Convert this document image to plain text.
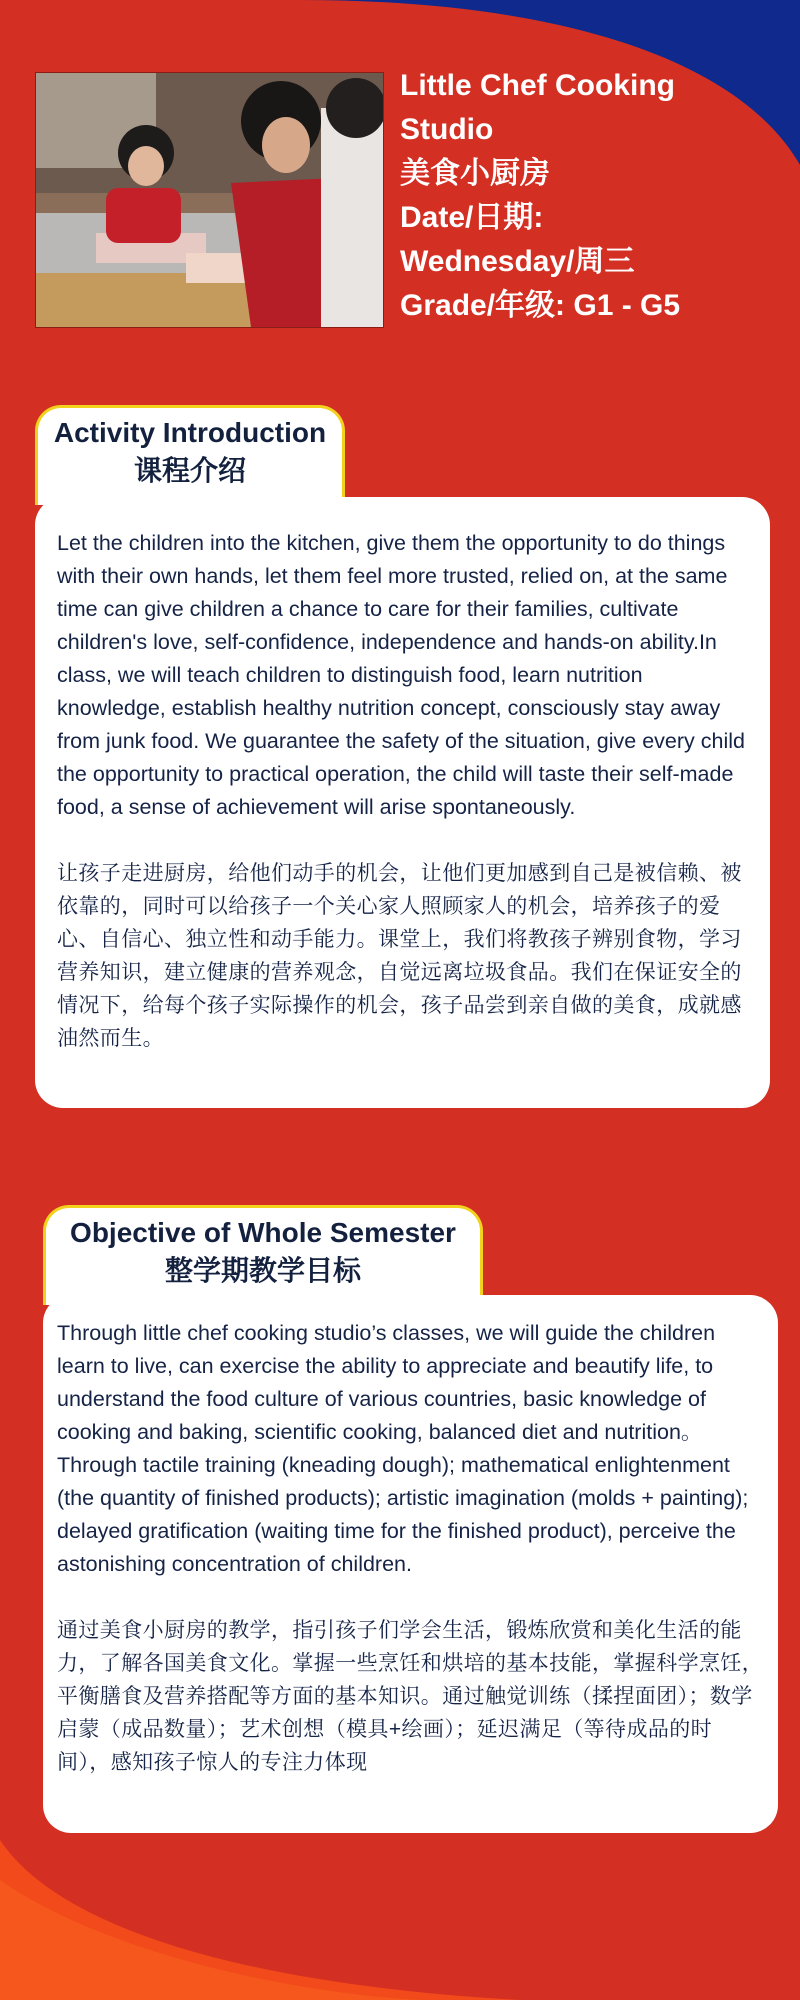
Little Chef Cooking
Studio
美食小厨房
Date/日期:
Wednesday/周三
Grade/年级: G1 - G5
Activity Introduction
课程介绍

Let the children into the kitchen, give them the opportunity to do things with their own hands, let them feel more trusted, relied on, at the same time can give children a chance to care for their families, cultivate children's love, self-confidence, independence and hands-on ability.In class, we will teach children to distinguish food, learn nutrition knowledge, establish healthy nutrition concept, consciously stay away from junk food. We guarantee the safety of the situation, give every child the opportunity to practical operation, the child will taste their self-made food, a sense of achievement will arise spontaneously.

让孩子走进厨房，给他们动手的机会，让他们更加感到自己是被信赖、被依靠的，同时可以给孩子一个关心家人照顾家人的机会，培养孩子的爱心、自信心、独立性和动手能力。课堂上，我们将教孩子辨别食物，学习营养知识，建立健康的营养观念，自觉远离垃圾食品。我们在保证安全的情况下，给每个孩子实际操作的机会，孩子品尝到亲自做的美食，成就感油然而生。

Objective of Whole Semester
整学期教学目标

Through little chef cooking studio’s classes, we will guide the children learn to live, can exercise the ability to appreciate and beautify life, to understand the food culture of various countries, basic knowledge of cooking and baking, scientific cooking, balanced diet and nutrition。Through tactile training (kneading dough); mathematical enlightenment (the quantity of finished products); artistic imagination (molds + painting); delayed gratification (waiting time for the finished product), perceive the astonishing concentration of children.

通过美食小厨房的教学，指引孩子们学会生活，锻炼欣赏和美化生活的能力，了解各国美食文化。掌握一些烹饪和烘培的基本技能，掌握科学烹饪，平衡膳食及营养搭配等方面的基本知识。通过触觉训练（揉捏面团）；数学启蒙（成品数量）；艺术创想（模具+绘画）；延迟满足（等待成品的时间），感知孩子惊人的专注力体现
